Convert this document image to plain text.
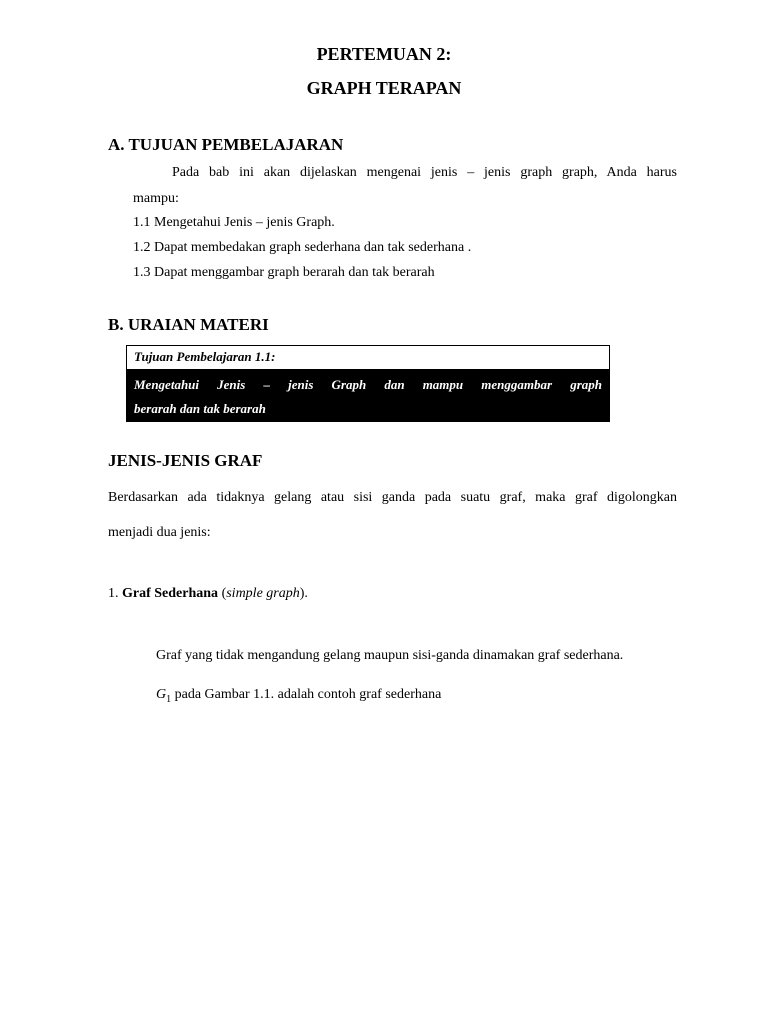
PERTEMUAN 2:
GRAPH TERAPAN
A. TUJUAN PEMBELAJARAN
Pada bab ini akan dijelaskan mengenai jenis – jenis graph graph, Anda harus
mampu:
1.1 Mengetahui Jenis – jenis Graph.
1.2 Dapat membedakan graph sederhana dan tak sederhana .
1.3 Dapat menggambar graph berarah dan tak berarah
B. URAIAN MATERI
Tujuan Pembelajaran 1.1:
Mengetahui Jenis – jenis Graph dan mampu menggambar graph
berarah dan tak berarah
JENIS-JENIS GRAF
Berdasarkan ada tidaknya gelang atau sisi ganda pada suatu graf, maka graf digolongkan
menjadi dua jenis:
1. Graf Sederhana (simple graph).
Graf yang tidak mengandung gelang maupun sisi-ganda dinamakan graf sederhana.
$G_1$ pada Gambar 1.1. adalah contoh graf sederhana
